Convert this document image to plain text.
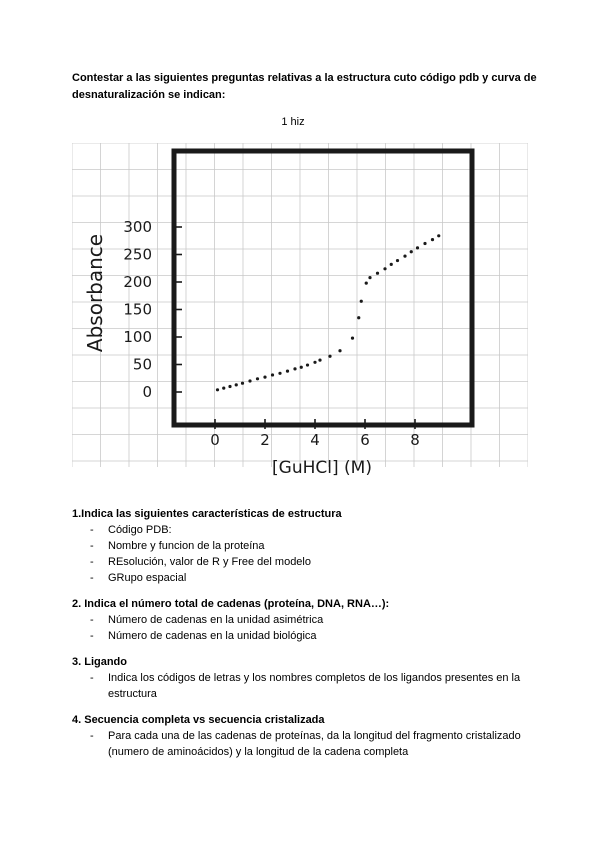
Contestar a las siguientes preguntas relativas a la estructura cuto código pdb y curva de desnaturalización se indican:
1 hiz
0
50
100
150
200
250
300
0	2	4	6	8
Absorbance
[GuHCl] (M)
1.Indica las siguientes características de estructura
- Código PDB:
- Nombre y funcion de la proteína
- REsolución, valor de R y Free del modelo
- GRupo espacial
2. Indica el número total de cadenas (proteína, DNA, RNA…):
- Número de cadenas en la unidad asimétrica
- Número de cadenas en la unidad biológica
3. Ligando
- Indica los códigos de letras y los nombres completos de los ligandos presentes en la estructura
4. Secuencia completa vs secuencia cristalizada
- Para cada una de las cadenas de proteínas, da la longitud del fragmento cristalizado (numero de aminoácidos) y la longitud de la cadena completa
